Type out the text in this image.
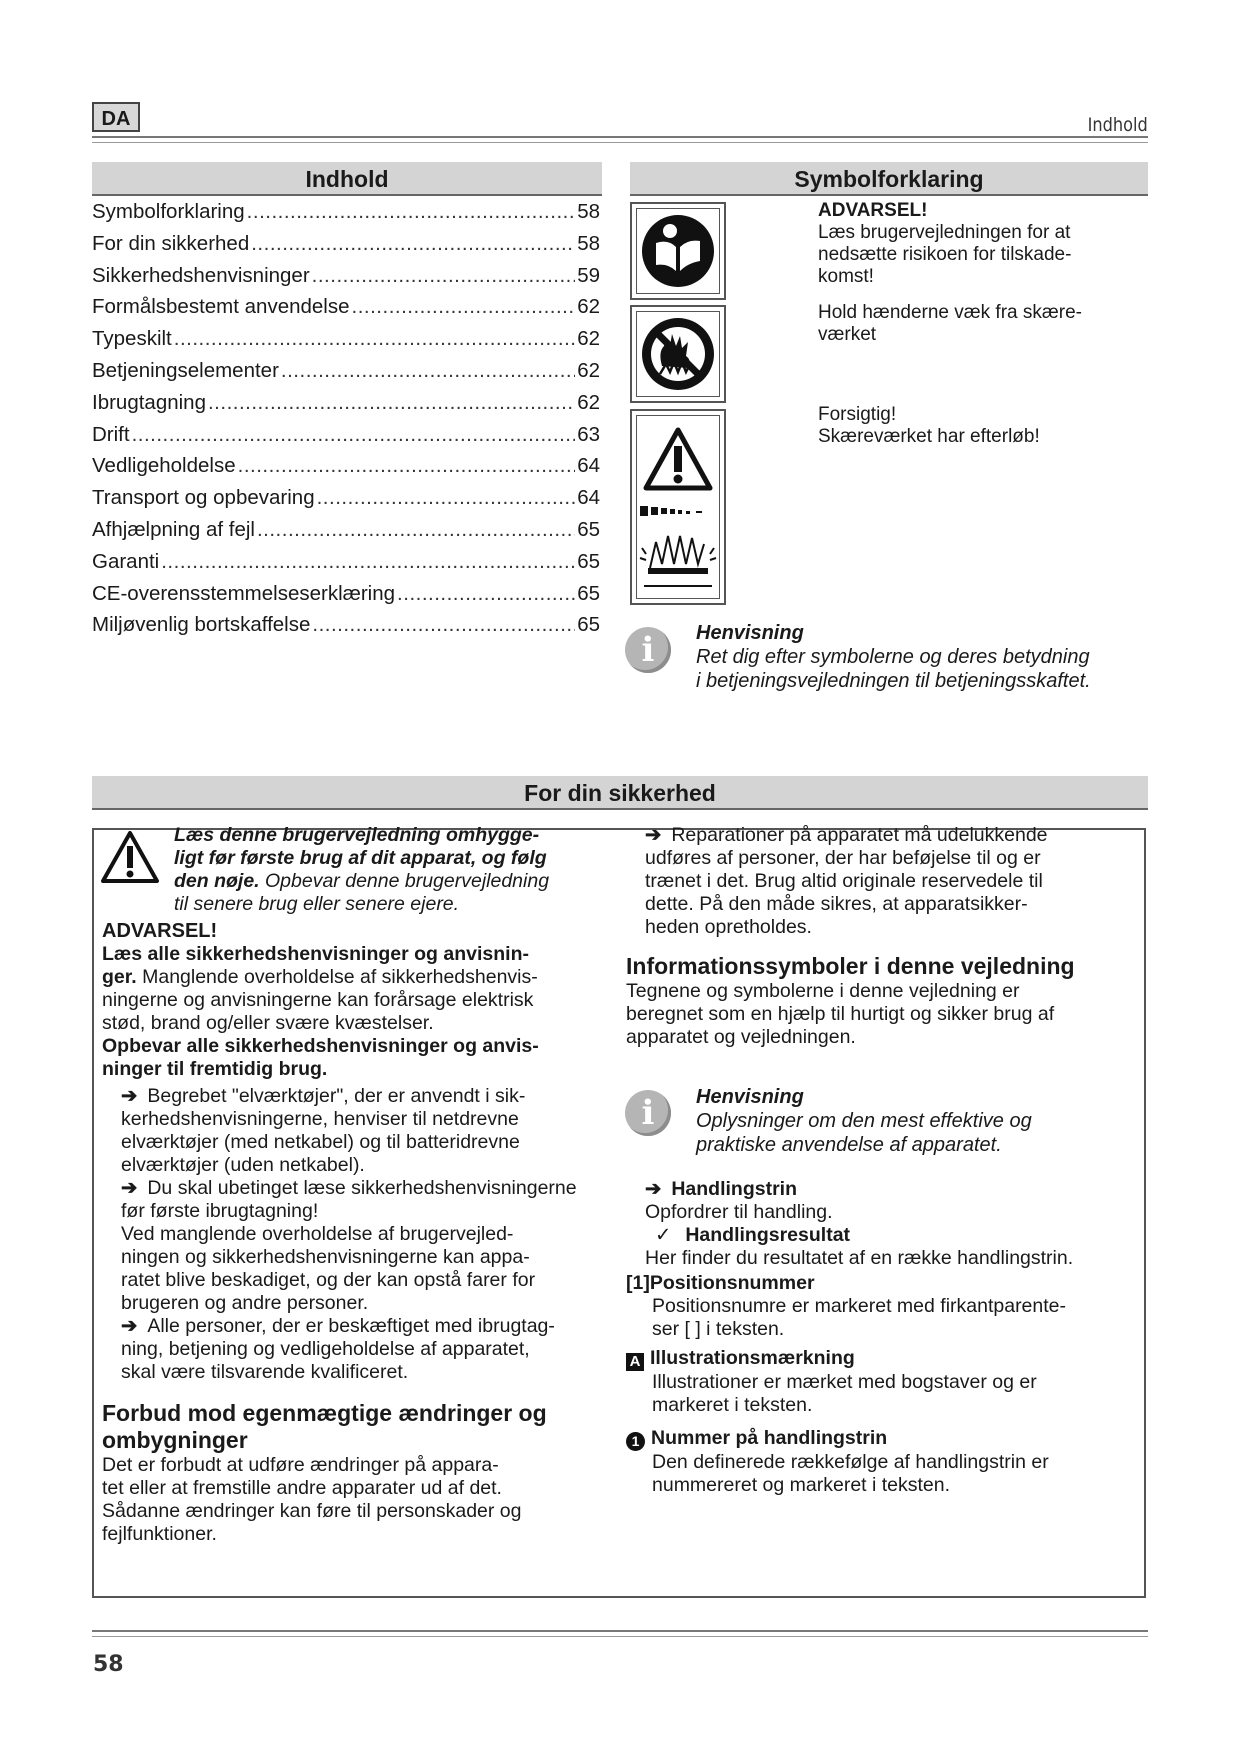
DA	Indhold
Indhold
Symbolforklaring .....	58
For din sikkerhed .....	58
Sikkerhedshenvisninger .....	59
Formålsbestemt anvendelse .....	62
Typeskilt .....	62
Betjeningselementer .....	62
Ibrugtagning .....	62
Drift .....	63
Vedligeholdelse .....	64
Transport og opbevaring .....	64
Afhjælpning af fejl .....	65
Garanti .....	65
CE-overensstemmelseserklæring .....	65
Miljøvenlig bortskaffelse .....	65
Symbolforklaring

ADVARSEL!

Læs brugervejledningen for at

nedsætte risikoen for tilskade-

komst!

Hold hænderne væk fra skære-

værket

Forsigtig!

Skæreværket har efterløb!

i	Henvisning

Ret dig efter symbolerne og deres betydning

i betjeningsvejledningen til betjeningsskaftet.

For din sikkerhed

Læs denne brugervejledning omhygge-

ligt før første brug af dit apparat, og følg

den nøje. Opbevar denne brugervejledning

til senere brug eller senere ejere.

ADVARSEL!

Læs alle sikkerhedshenvisninger og anvisnin-

ger. Manglende overholdelse af sikkerhedshenvis-

ningerne og anvisningerne kan forårsage elektrisk

stød, brand og/eller svære kvæstelser.

Opbevar alle sikkerhedshenvisninger og anvis-

ninger til fremtidig brug.

➔ Begrebet "elværktøjer", der er anvendt i sik-

kerhedshenvisningerne, henviser til netdrevne

elværktøjer (med netkabel) og til batteridrevne

elværktøjer (uden netkabel).

➔ Du skal ubetinget læse sikkerhedshenvisningerne

før første ibrugtagning!

Ved manglende overholdelse af brugervejled-

ningen og sikkerhedshenvisningerne kan appa-

ratet blive beskadiget, og der kan opstå farer for

brugeren og andre personer.

➔ Alle personer, der er beskæftiget med ibrugtag-

ning, betjening og vedligeholdelse af apparatet,

skal være tilsvarende kvalificeret.

Forbud mod egenmægtige ændringer og

ombygninger

Det er forbudt at udføre ændringer på appara-

tet eller at fremstille andre apparater ud af det.

Sådanne ændringer kan føre til personskader og

fejlfunktioner.

➔ Reparationer på apparatet må udelukkende

udføres af personer, der har beføjelse til og er

trænet i det. Brug altid originale reservedele til

dette. På den måde sikres, at apparatsikker-

heden opretholdes.

Informationssymboler i denne vejledning

Tegnene og symbolerne i denne vejledning er

beregnet som en hjælp til hurtigt og sikker brug af

apparatet og vejledningen.

i	Henvisning

Oplysninger om den mest effektive og

praktiske anvendelse af apparatet.

➔ Handlingstrin

Opfordrer til handling.

✓ Handlingsresultat

Her finder du resultatet af en række handlingstrin.

[1]Positionsnummer

Positionsnumre er markeret med firkantparente-

ser [ ] i teksten.

A Illustrationsmærkning

Illustrationer er mærket med bogstaver og er

markeret i teksten.

1 Nummer på handlingstrin

Den definerede rækkefølge af handlingstrin er

nummereret og markeret i teksten.

58
